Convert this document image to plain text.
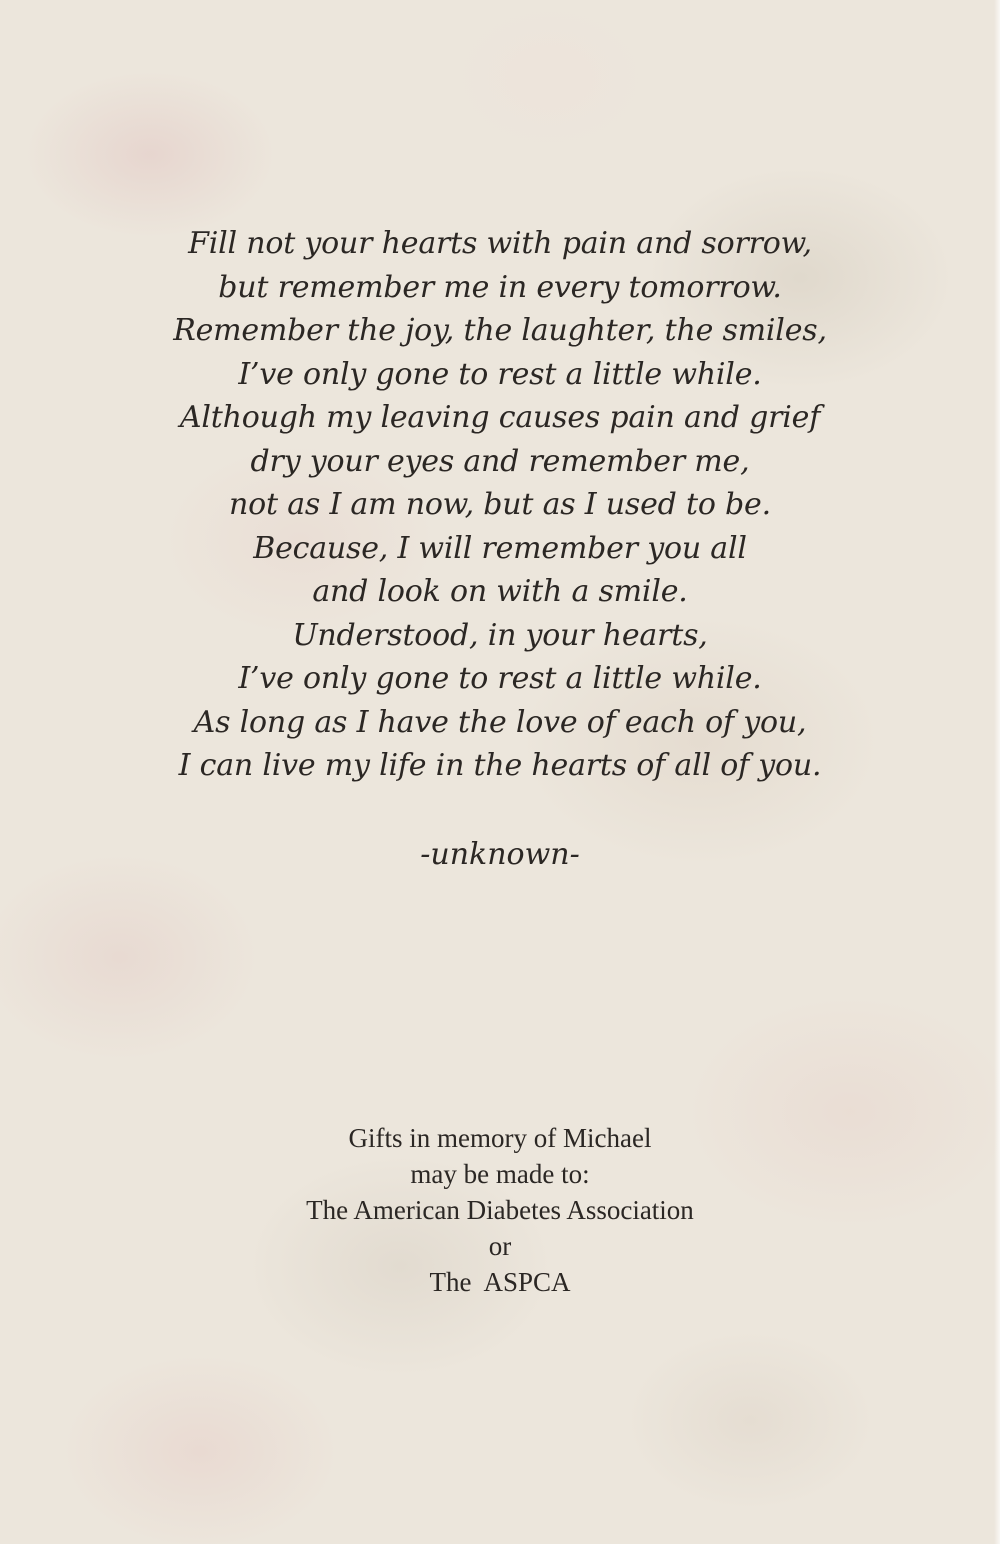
Fill not your hearts with pain and sorrow,
but remember me in every tomorrow.
Remember the joy, the laughter, the smiles,
I’ve only gone to rest a little while.
Although my leaving causes pain and grief
dry your eyes and remember me,
not as I am now, but as I used to be.
Because, I will remember you all
and look on with a smile.
Understood, in your hearts,
I’ve only gone to rest a little while.
As long as I have the love of each of you,
I can live my life in the hearts of all of you.
-unknown-
Gifts in memory of Michael
may be made to:
The American Diabetes Association
or
The  ASPCA
